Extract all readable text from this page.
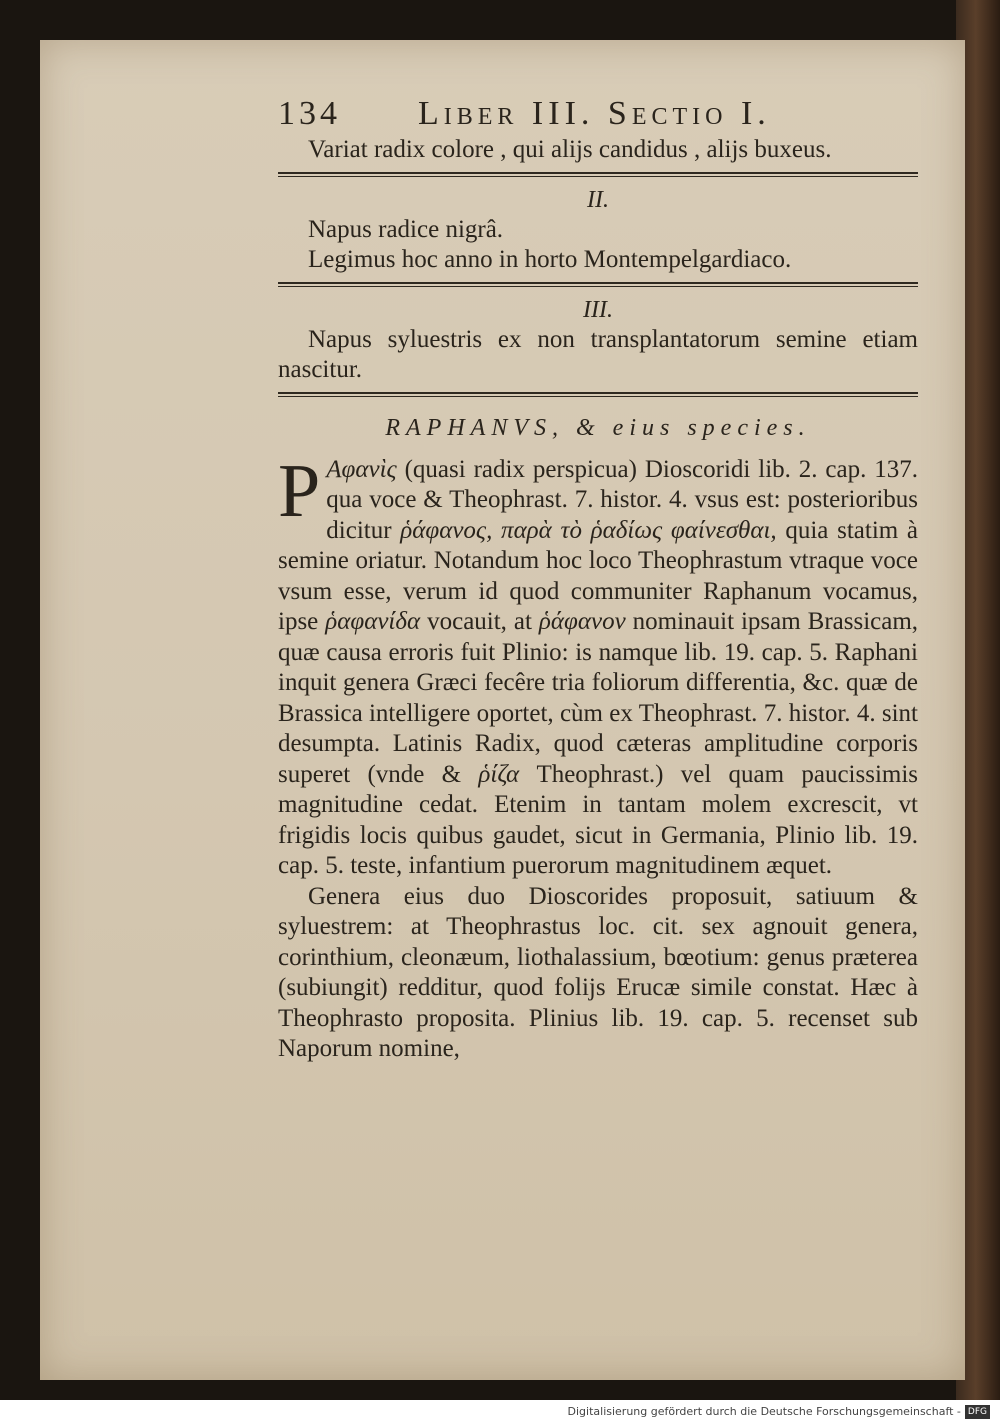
134 Liber III. Sectio I.

Variat radix colore , qui alijs candidus , alijs buxeus.

II.

Napus radice nigrâ.

Legimus hoc anno in horto Montempelgardiaco.

III.

Napus syluestris ex non transplantatorum semine etiam nascitur.

RAPHANVS, & eius species.

P Αφανὶς (quasi radix perspicua) Dioscoridi lib. 2. cap. 137. qua voce & Theophrast. 7. histor. 4. vsus est: posterioribus dicitur ῥάφανος, παρὰ τὸ ῥαδίως φαίνεσθαι, quia statim à semine oriatur. Notandum hoc loco Theophrastum vtraque voce vsum esse, verum id quod communiter Raphanum vocamus, ipse ῥαφανίδα vocauit, at ῥάφανον nominauit ipsam Brassicam, quæ causa erroris fuit Plinio: is namque lib. 19. cap. 5. Raphani inquit genera Græci fecêre tria foliorum differentia, &c. quæ de Brassica intelligere oportet, cùm ex Theophrast. 7. histor. 4. sint desumpta. Latinis Radix, quod cæteras amplitudine corporis superet (vnde & ῥίζα Theophrast.) vel quam paucissimis magnitudine cedat. Etenim in tantam molem excrescit, vt frigidis locis quibus gaudet, sicut in Germania, Plinio lib. 19. cap. 5. teste, infantium puerorum magnitudinem æquet.

Genera eius duo Dioscorides proposuit, satiuum & syluestrem: at Theophrastus loc. cit. sex agnouit genera, corinthium, cleonæum, liothalassium, bœotium: genus præterea (subiungit) redditur, quod folijs Erucæ simile constat. Hæc à Theophrasto proposita. Plinius lib. 19. cap. 5. recenset sub Naporum nomine,

Digitalisierung gefördert durch die Deutsche Forschungsgemeinschaft - DFG
